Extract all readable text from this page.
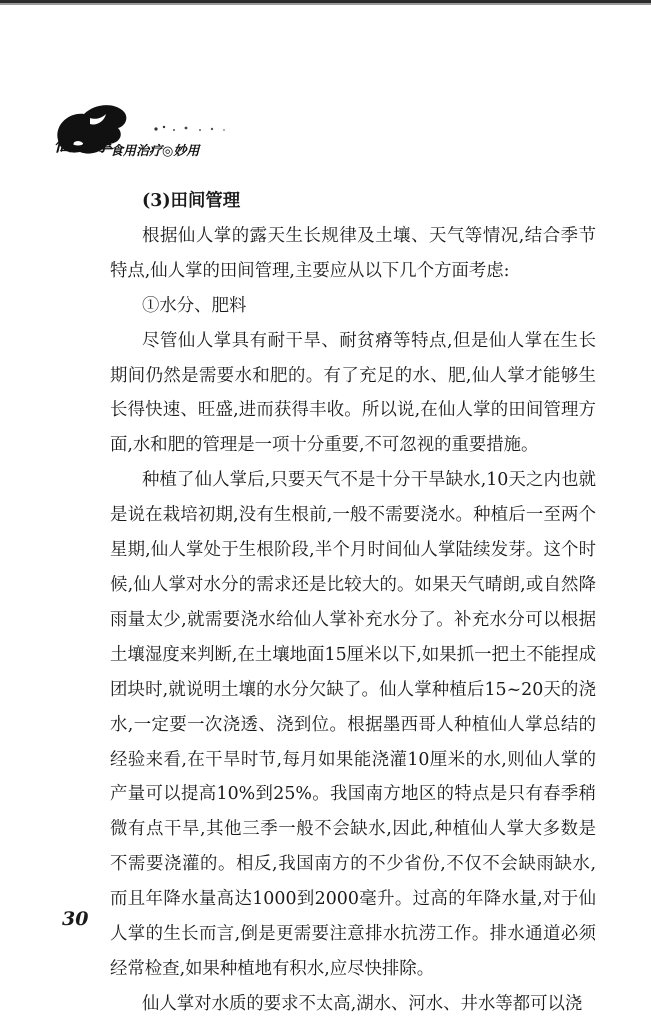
仙人掌
食用治疗◎妙用

(3)田间管理

根据仙人掌的露天生长规律及土壤、天气等情况,结合季节特点,仙人掌的田间管理,主要应从以下几个方面考虑:

①水分、肥料

尽管仙人掌具有耐干旱、耐贫瘠等特点,但是仙人掌在生长期间仍然是需要水和肥的。有了充足的水、肥,仙人掌才能够生长得快速、旺盛,进而获得丰收。所以说,在仙人掌的田间管理方面,水和肥的管理是一项十分重要,不可忽视的重要措施。

种植了仙人掌后,只要天气不是十分干旱缺水,10天之内也就是说在栽培初期,没有生根前,一般不需要浇水。种植后一至两个星期,仙人掌处于生根阶段,半个月时间仙人掌陆续发芽。这个时候,仙人掌对水分的需求还是比较大的。如果天气晴朗,或自然降雨量太少,就需要浇水给仙人掌补充水分了。补充水分可以根据土壤湿度来判断,在土壤地面15厘米以下,如果抓一把土不能捏成团块时,就说明土壤的水分欠缺了。仙人掌种植后15~20天的浇水,一定要一次浇透、浇到位。根据墨西哥人种植仙人掌总结的经验来看,在干旱时节,每月如果能浇灌10厘米的水,则仙人掌的产量可以提高10%到25%。我国南方地区的特点是只有春季稍微有点干旱,其他三季一般不会缺水,因此,种植仙人掌大多数是不需要浇灌的。相反,我国南方的不少省份,不仅不会缺雨缺水,而且年降水量高达1000到2000毫升。过高的年降水量,对于仙人掌的生长而言,倒是更需要注意排水抗涝工作。排水通道必须经常检查,如果种植地有积水,应尽快排除。

仙人掌对水质的要求不太高,湖水、河水、井水等都可以浇

30
